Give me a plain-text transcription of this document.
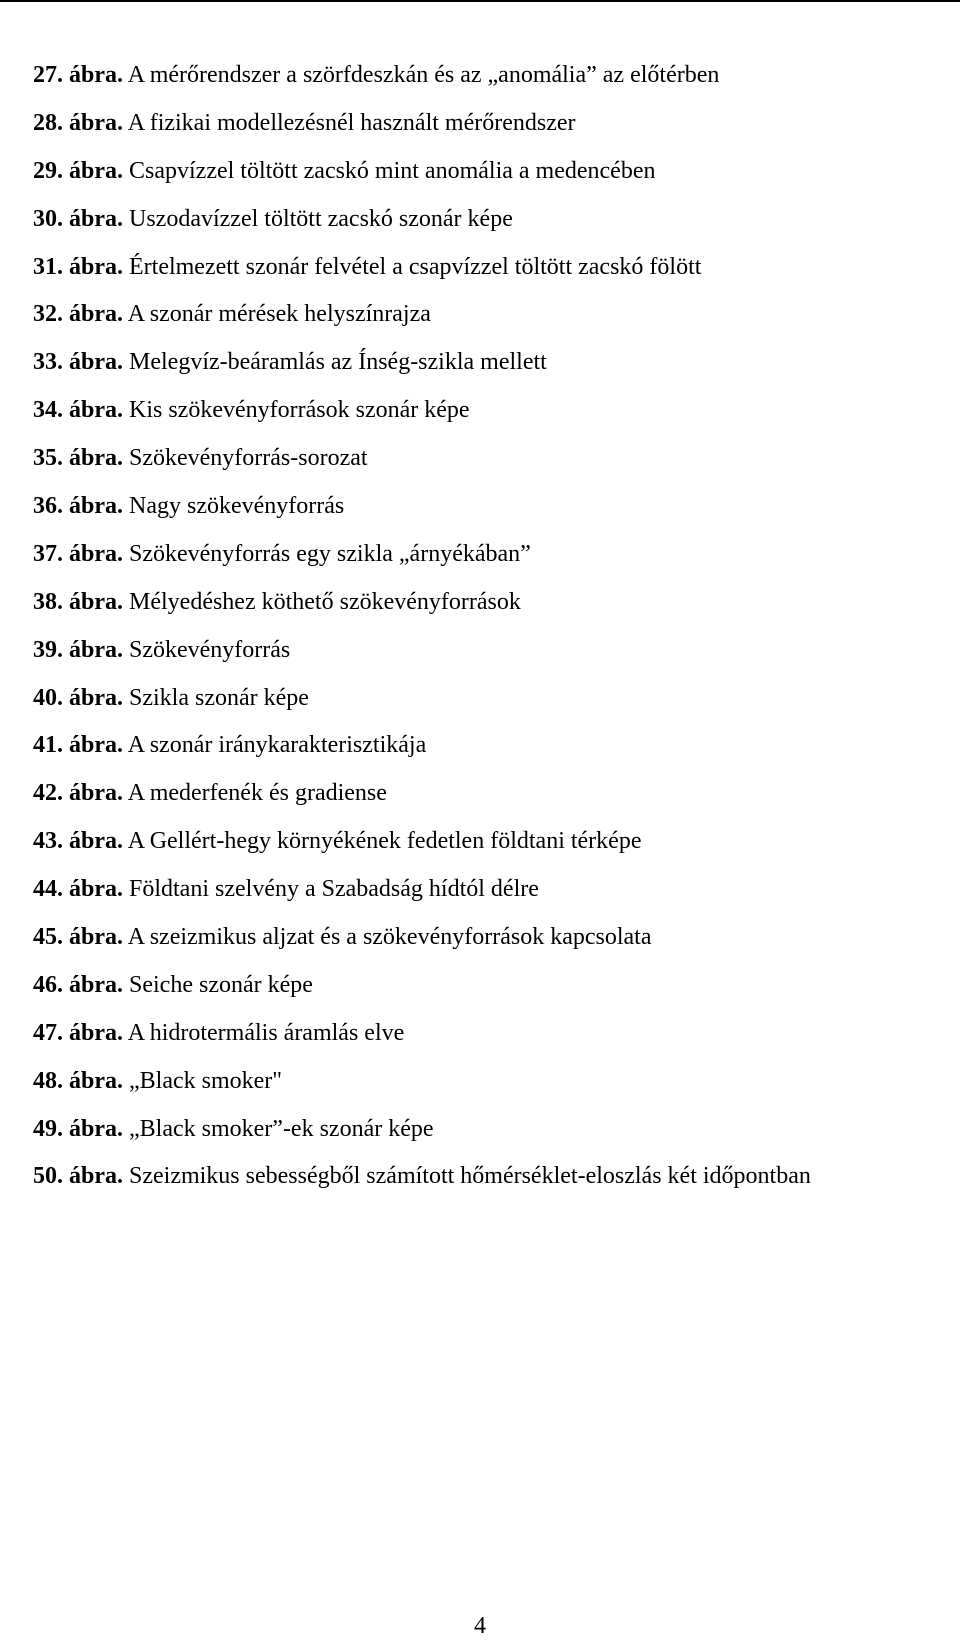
27. ábra. A mérőrendszer a szörfdeszkán és az „anomália” az előtérben
28. ábra. A fizikai modellezésnél használt mérőrendszer
29. ábra. Csapvízzel töltött zacskó mint anomália a medencében
30. ábra. Uszodavízzel töltött zacskó szonár képe
31. ábra. Értelmezett szonár felvétel a csapvízzel töltött zacskó fölött
32. ábra. A szonár mérések helyszínrajza
33. ábra. Melegvíz-beáramlás az Ínség-szikla mellett
34. ábra. Kis szökevényforrások szonár képe
35. ábra. Szökevényforrás-sorozat
36. ábra. Nagy szökevényforrás
37. ábra. Szökevényforrás egy szikla „árnyékában”
38. ábra. Mélyedéshez köthető szökevényforrások
39. ábra. Szökevényforrás
40. ábra. Szikla szonár képe
41. ábra. A szonár iránykarakterisztikája
42. ábra. A mederfenék és gradiense
43. ábra. A Gellért-hegy környékének fedetlen földtani térképe
44. ábra. Földtani szelvény a Szabadság hídtól délre
45. ábra. A szeizmikus aljzat és a szökevényforrások kapcsolata
46. ábra. Seiche szonár képe
47. ábra. A hidrotermális áramlás elve
48. ábra. „Black smoker"
49. ábra. „Black smoker”-ek szonár képe
50. ábra. Szeizmikus sebességből számított hőmérséklet-eloszlás két időpontban
4
